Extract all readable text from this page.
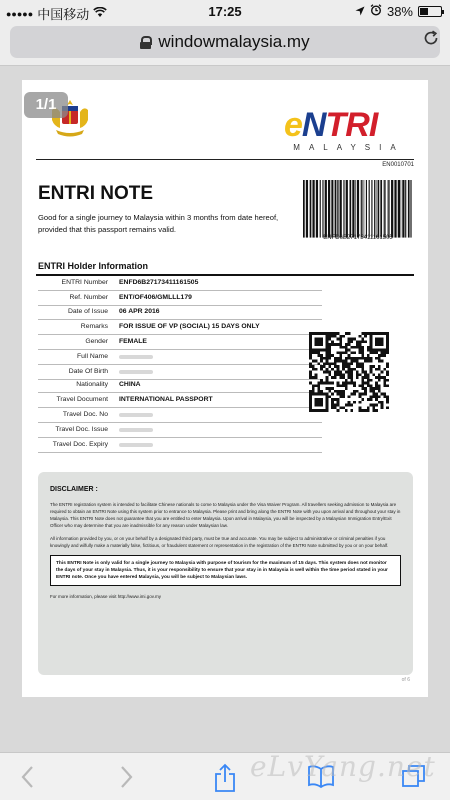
●●●●● 中国移动	17:25	38%
windowmalaysia.my
e N T R I
MALAYSIA
EN0010701
ENTRI NOTE
Good for a single journey to Malaysia within 3 months from date hereof, provided that this passport remains valid.
ENFD6B27173411161505
ENTRI Holder Information
ENTRI Number ENFD6B27173411161505
Ref. Number ENT/OF406/GMLLL179
Date of Issue 06 APR 2016
Remarks FOR ISSUE OF VP (SOCIAL) 15 DAYS ONLY
Gender FEMALE
Full Name
Date Of Birth
Nationality CHINA
Travel Document INTERNATIONAL PASSPORT
Travel Doc. No
Travel Doc. Issue
Travel Doc. Expiry
DISCLAIMER :

The ENTRI registration system is intended to facilitate Chinese nationals to come to Malaysia under the Visa Waiver Program. All travellers seeking admission to Malaysia are required to obtain an ENTRI Note using this system prior to entrance to Malaysia. Please print and bring along the ENTRI Note with you upon arrival and throughout your stay in Malaysia. This ENTRI Note does not guarantee that you are entitled to enter Malaysia. Upon arrival in Malaysia, you will be inspected by a Malaysian Immigration Entry/Exit Officer who may determine that you are inadmissible for any reason under Malaysian law.

All information provided by you, or on your behalf by a designated third party, must be true and accurate. You may be subject to administrative or criminal penalties if you knowingly and wilfully make a materially false, fictitious, or fraudulent statement or representation in the registration of the ENTRI Note submitted by you or on your behalf.

This ENTRI Note is only valid for a single journey to Malaysia with purpose of tourism for the maximum of 15 days. This system does not monitor the days of your stay in Malaysia. Thus, it is your responsibility to ensure that your stay in in Malaysia is well within the time period stated in your ENTRI note. Once you have entered Malaysia, you will be subject to Malaysian laws.

For more information, please visit http://www.imi.gov.my
of 6
1/1
eLvYang.net
